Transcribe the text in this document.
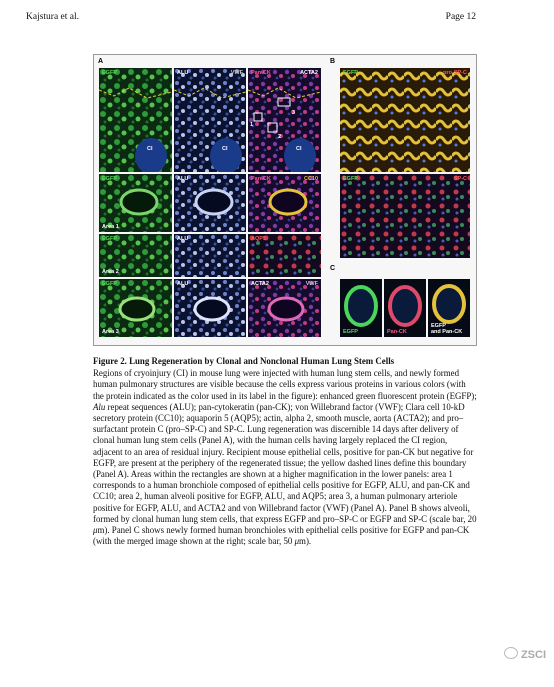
Kajstura et al.	Page 12
A
EGFP
CI
ALU	VWF
CI
Pan-CK	ACTA2
3
1
2
CI
EGFP
Area 1
ALU	Pan-CK	CC10
EGFP
Area 2
ALU	AQP5
EGFP
Area 3
ALU	ACTA2	VWF
B
EGFP	pro-SP-C
EGFP	SP-C
C
EGFP	Pan-CK
EGFP
and Pan-CK
Figure 2. Lung Regeneration by Clonal and Nonclonal Human Lung Stem Cells
Regions of cryoinjury (CI) in mouse lung were injected with human lung stem cells, and newly formed human pulmonary structures are visible because the cells express various proteins in various colors (with the protein indicated as the color used in its label in the figure): enhanced green fluorescent protein (EGFP); Alu repeat sequences (ALU); pan-cytokeratin (pan-CK); von Willebrand factor (VWF); Clara cell 10-kD secretory protein (CC10); aquaporin 5 (AQP5); actin, alpha 2, smooth muscle, aorta (ACTA2); and pro–surfactant protein C (pro–SP-C) and SP-C. Lung regeneration was discernible 14 days after delivery of clonal human lung stem cells (Panel A), with the human cells having largely replaced the CI region, adjacent to an area of residual injury. Recipient mouse epithelial cells, positive for pan-CK but negative for EGFP, are present at the periphery of the regenerated tissue; the yellow dashed lines define this boundary (Panel A). Areas within the rectangles are shown at a higher magnification in the lower panels: area 1 corresponds to a human bronchiole composed of epithelial cells positive for EGFP, ALU, and pan-CK and CC10; area 2, human alveoli positive for EGFP, ALU, and AQP5; area 3, a human pulmonary arteriole positive for EGFP, ALU, and ACTA2 and von Willebrand factor (VWF) (Panel A). Panel B shows alveoli, formed by clonal human lung stem cells, that express EGFP and pro–SP-C or EGFP and SP-C (scale bar, 20 μm). Panel C shows newly formed human bronchioles with epithelial cells positive for EGFP and pan-CK (with the merged image shown at the right; scale bar, 50 μm).
ZSCI
